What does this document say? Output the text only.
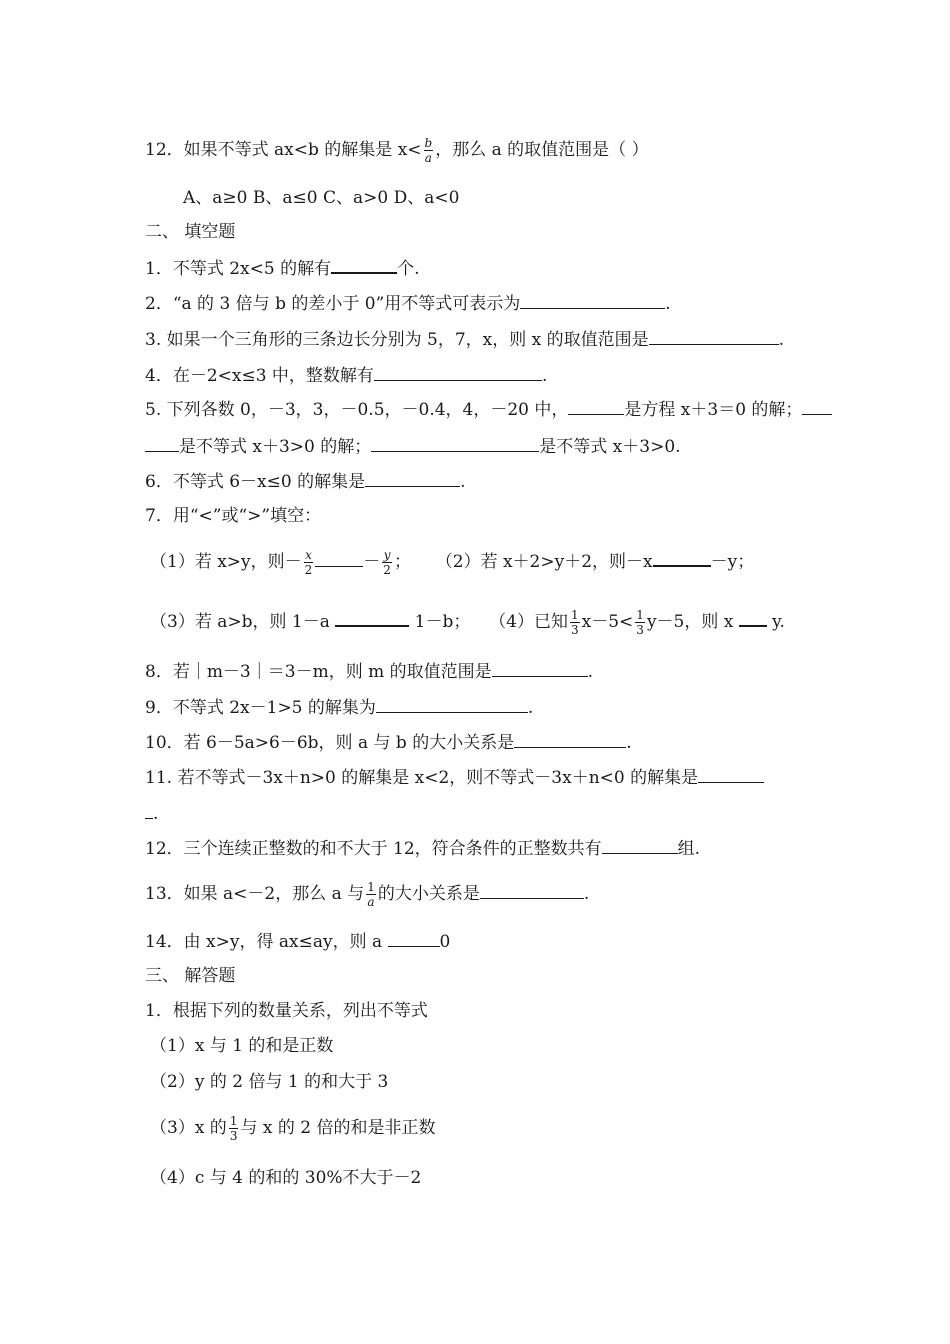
12．如果不等式 ax<b 的解集是 $x< \frac{b}{a}$ ，那么 a 的取值范围是（ ）
A、a≥0 B、a≤0 C、a>0 D、a<0
二、 填空题
1．不等式 2x<5 的解有	个.
2．“a 的 3 倍与 b 的差小于 0”用不等式可表示为	.
3. 如果一个三角形的三条边长分别为 5，7，x，则 x 的取值范围是	.
4．在－2<x≤3 中，整数解有	.
5. 下列各数 0，－3，3，－0.5，－0.4，4，－20 中，	是方程 x＋3＝0 的解；
是不等式 x＋3>0 的解；	是不等式 x＋3>0.
6．不等式 6－x≤0 的解集是	.
7．用“<”或“>”填空：
（1）若 x>y，则－ $\frac{x}{2}$	－ $\frac{y}{2}$ ； （2）若 x＋2>y＋2，则－x	－y；
（3）若 a>b，则 1－a	1－b； （4）已知 $\frac{1}{3} x-5< \frac{1}{3} y-5$，则 x y.
8．若｜m－3｜＝3－m，则 m 的取值范围是	.
9．不等式 2x－1>5 的解集为	.
10．若 6－5a>6－6b，则 a 与 b 的大小关系是	.
11. 若不等式－3x＋n>0 的解集是 x<2，则不等式－3x＋n<0 的解集是
.
12．三个连续正整数的和不大于 12，符合条件的正整数共有	组.
13．如果 a<－2，那么 a 与 $\frac{1}{a}$ 的大小关系是	.
14．由 x>y，得 ax≤ay，则 a	0
三、 解答题
1．根据下列的数量关系，列出不等式
（1）x 与 1 的和是正数
（2）y 的 2 倍与 1 的和大于 3
（3）x 的 $\frac{1}{3}$ 与 x 的 2 倍的和是非正数
（4）c 与 4 的和的 30%不大于－2
